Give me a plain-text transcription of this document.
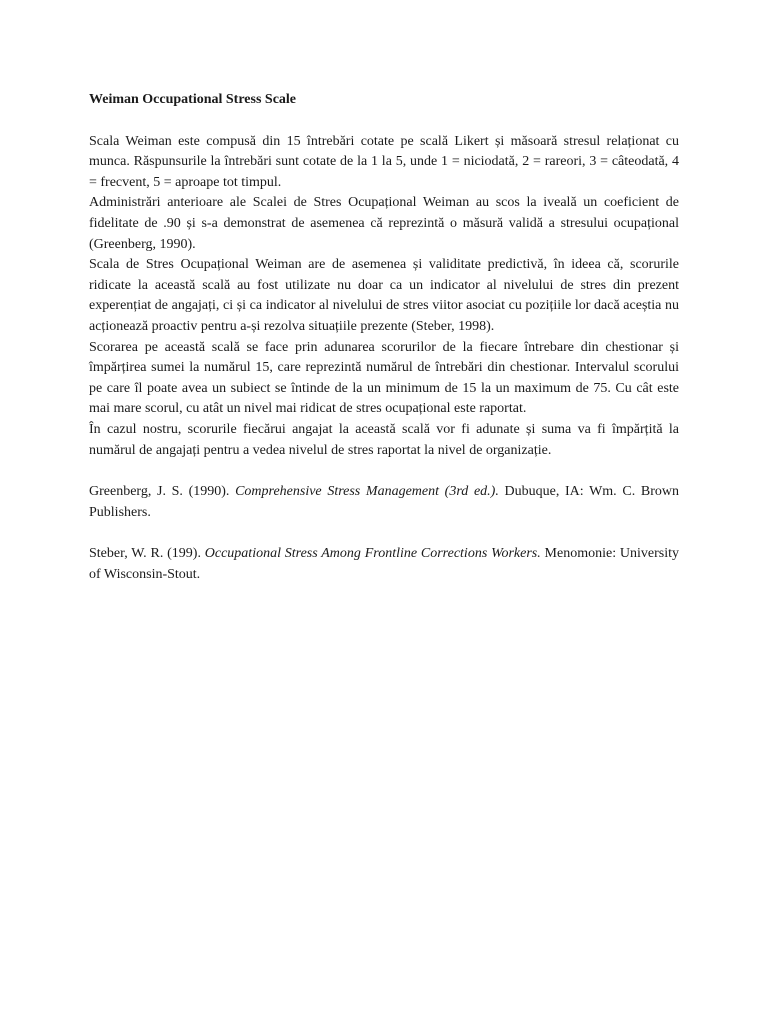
Weiman Occupational Stress Scale

Scala Weiman este compusă din 15 întrebări cotate pe scală Likert și măsoară stresul relaționat cu munca. Răspunsurile la întrebări sunt cotate de la 1 la 5, unde 1 = niciodată, 2 = rareori, 3 = câteodată, 4 = frecvent, 5 = aproape tot timpul.

Administrări anterioare ale Scalei de Stres Ocupațional Weiman au scos la iveală un coeficient de fidelitate de .90 și s-a demonstrat de asemenea că reprezintă o măsură validă a stresului ocupațional (Greenberg, 1990).

Scala de Stres Ocupațional Weiman are de asemenea și validitate predictivă, în ideea că, scorurile ridicate la această scală au fost utilizate nu doar ca un indicator al nivelului de stres din prezent experențiat de angajați, ci și ca indicator al nivelului de stres viitor asociat cu pozițiile lor dacă aceștia nu acționează proactiv pentru a-și rezolva situațiile prezente (Steber, 1998).

Scorarea pe această scală se face prin adunarea scorurilor de la fiecare întrebare din chestionar și împărțirea sumei la numărul 15, care reprezintă numărul de întrebări din chestionar. Intervalul scorului pe care îl poate avea un subiect se întinde de la un minimum de 15 la un maximum de 75. Cu cât este mai mare scorul, cu atât un nivel mai ridicat de stres ocupațional este raportat.

În cazul nostru, scorurile fiecărui angajat la această scală vor fi adunate și suma va fi împărțită la numărul de angajați pentru a vedea nivelul de stres raportat la nivel de organizație.

Greenberg, J. S. (1990). Comprehensive Stress Management (3rd ed.). Dubuque, IA: Wm. C. Brown Publishers.

Steber, W. R. (199). Occupational Stress Among Frontline Corrections Workers. Menomonie: University of Wisconsin-Stout.
